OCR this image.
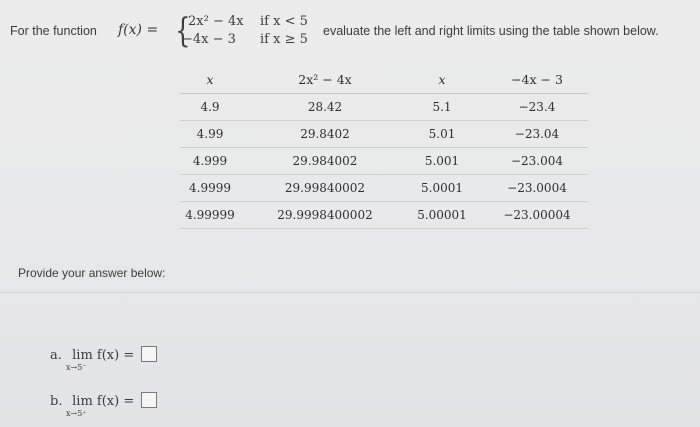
For the function f(x) = {
2x² − 4x if x < 5
−4x − 3 if x ≥ 5
evaluate the left and right limits using the table shown below.
x	2x² − 4x	x	−4x − 3
4.9	28.42	5.1	−23.4
4.99	29.8402	5.01	−23.04
4.999	29.984002	5.001	−23.004
4.9999	29.99840002	5.0001	−23.0004
4.99999	29.9998400002	5.00001	−23.00004
Provide your answer below:
a. lim f(x) =
x→5⁻
b. lim f(x) =
x→5⁺
